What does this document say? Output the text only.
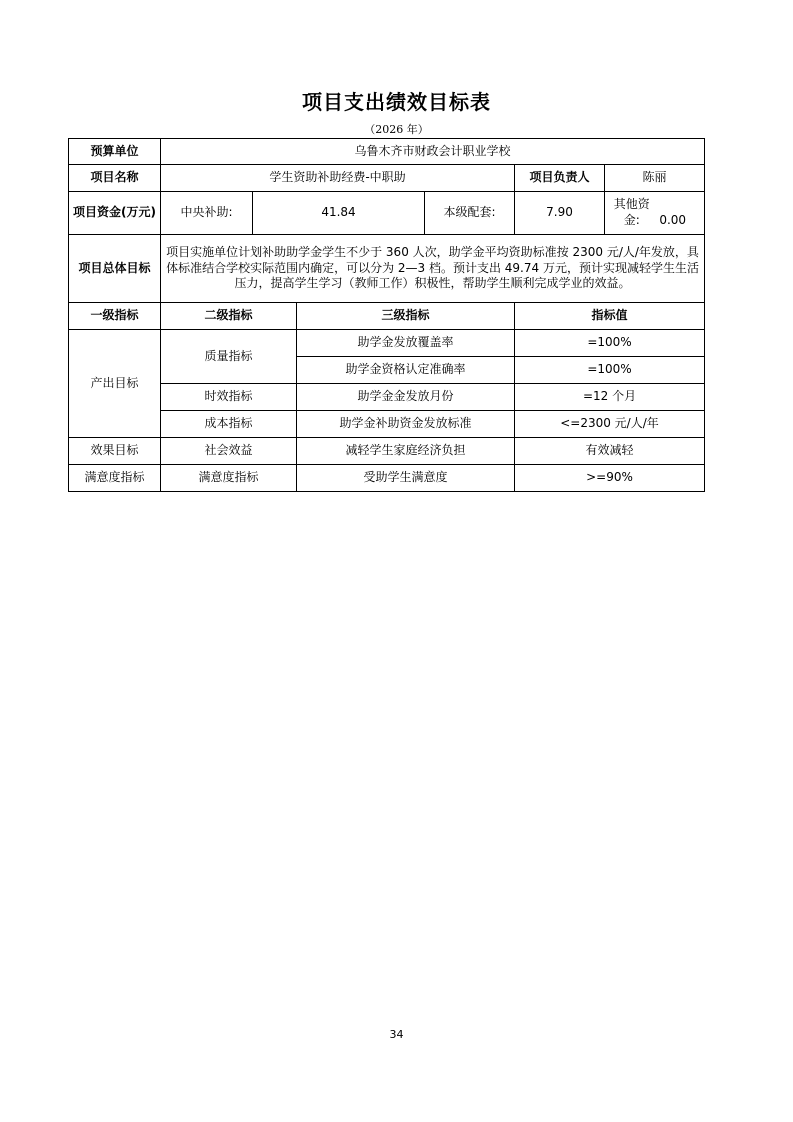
项目支出绩效目标表
（2026 年）
预算单位	乌鲁木齐市财政会计职业学校					
项目名称	学生资助补助经费-中职助				项目负责人	陈丽
项目资金(万元)	中央补助:	41.84		本级配套:	7.90	其他资金: 0.00
项目总体目标	项目实施单位计划补助助学金学生不少于 360 人次，助学金平均资助标准按 2300 元/人/年发放，具体标准结合学校实际范围内确定，可以分为 2—3 档。预计支出 49.74 万元，预计实现减轻学生生活压力，提高学生学习（教师工作）积极性，帮助学生顺利完成学业的效益。					
一级指标	二级指标		三级指标		指标值	
产出目标	质量指标		助学金发放覆盖率		=100%	
			助学金资格认定准确率		=100%	
	时效指标		助学金金发放月份		=12 个月	
	成本指标		助学金补助资金发放标准		<=2300 元/人/年	
效果目标	社会效益		减轻学生家庭经济负担		有效减轻	
满意度指标	满意度指标		受助学生满意度		>=90%	
34
